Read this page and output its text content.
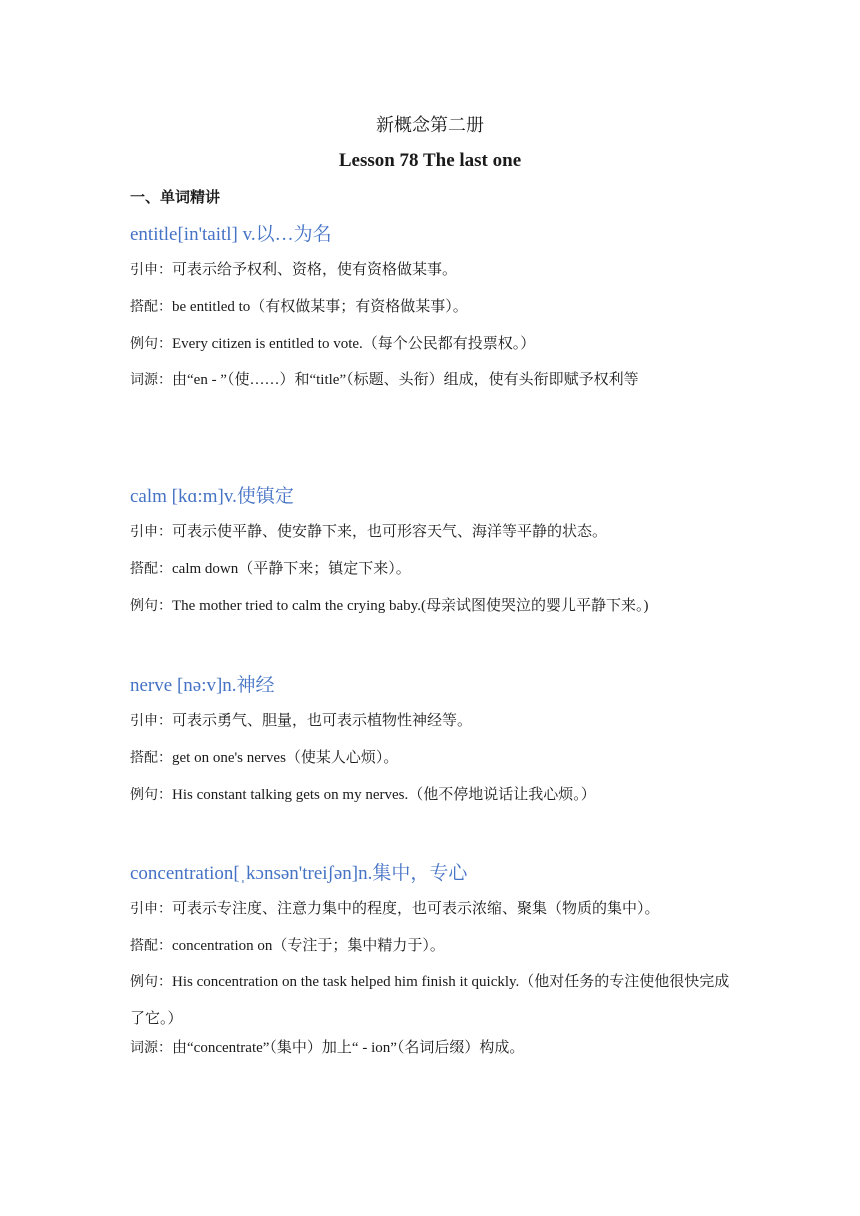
新概念第二册
Lesson 78 The last one
一、单词精讲

entitle[in'taitl] v.以…为名

引申：可表示给予权利、资格，使有资格做某事。

搭配：be entitled to（有权做某事；有资格做某事）。

例句：Every citizen is entitled to vote.（每个公民都有投票权。）

词源：由“en - ”（使……）和“title”（标题、头衔）组成，使有头衔即赋予权利等

calm [kɑ:m]v.使镇定

引申：可表示使平静、使安静下来，也可形容天气、海洋等平静的状态。

搭配：calm down（平静下来；镇定下来）。

例句：The mother tried to calm the crying baby.(母亲试图使哭泣的婴儿平静下来。)

nerve [nə:v]n.神经

引申：可表示勇气、胆量，也可表示植物性神经等。

搭配：get on one's nerves（使某人心烦）。

例句：His constant talking gets on my nerves.（他不停地说话让我心烦。）

concentration[ˌkɔnsən'treiʃən]n.集中，专心

引申：可表示专注度、注意力集中的程度，也可表示浓缩、聚集（物质的集中）。

搭配：concentration on（专注于；集中精力于）。

例句：His concentration on the task helped him finish it quickly.（他对任务的专注使他很快完成了它。）

词源：由“concentrate”（集中）加上“ - ion”（名词后缀）构成。
